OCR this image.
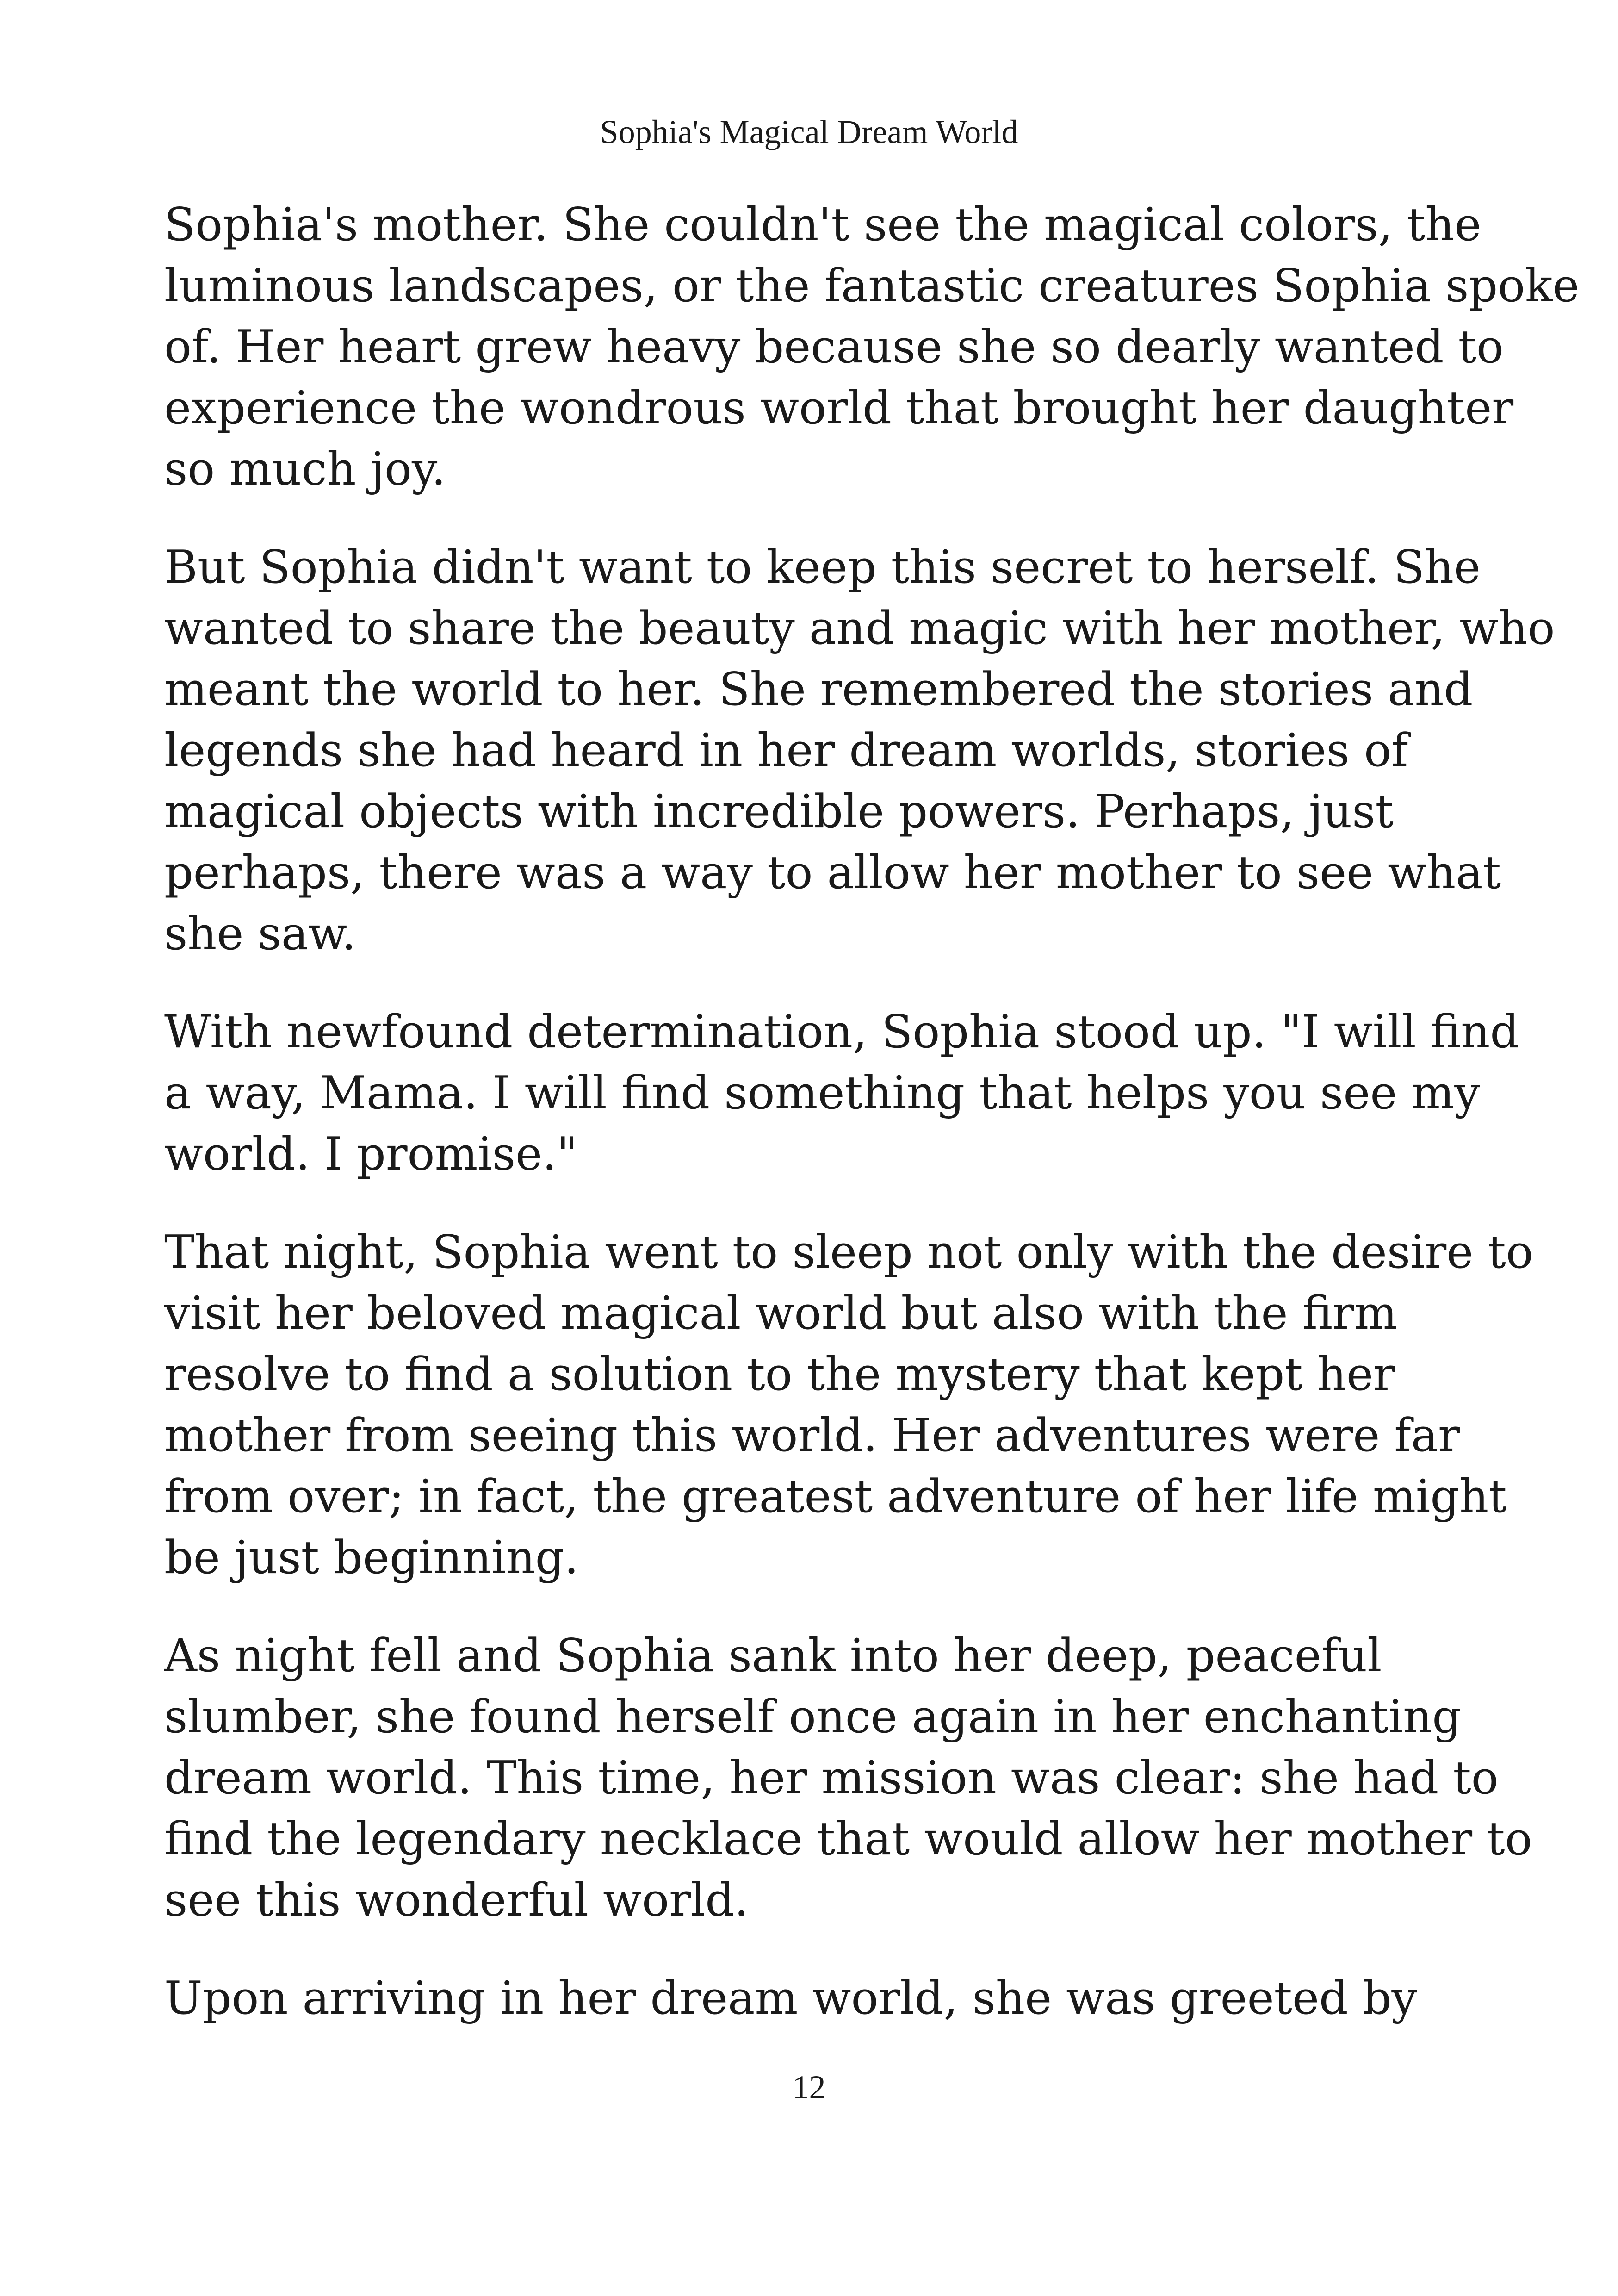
Sophia's Magical Dream World
Sophia's mother. She couldn't see the magical colors, the
luminous landscapes, or the fantastic creatures Sophia spoke
of. Her heart grew heavy because she so dearly wanted to
experience the wondrous world that brought her daughter
so much joy.
But Sophia didn't want to keep this secret to herself. She
wanted to share the beauty and magic with her mother, who
meant the world to her. She remembered the stories and
legends she had heard in her dream worlds, stories of
magical objects with incredible powers. Perhaps, just
perhaps, there was a way to allow her mother to see what
she saw.
With newfound determination, Sophia stood up. "I will find
a way, Mama. I will find something that helps you see my
world. I promise."
That night, Sophia went to sleep not only with the desire to
visit her beloved magical world but also with the firm
resolve to find a solution to the mystery that kept her
mother from seeing this world. Her adventures were far
from over; in fact, the greatest adventure of her life might
be just beginning.
As night fell and Sophia sank into her deep, peaceful
slumber, she found herself once again in her enchanting
dream world. This time, her mission was clear: she had to
find the legendary necklace that would allow her mother to
see this wonderful world.
Upon arriving in her dream world, she was greeted by
12
